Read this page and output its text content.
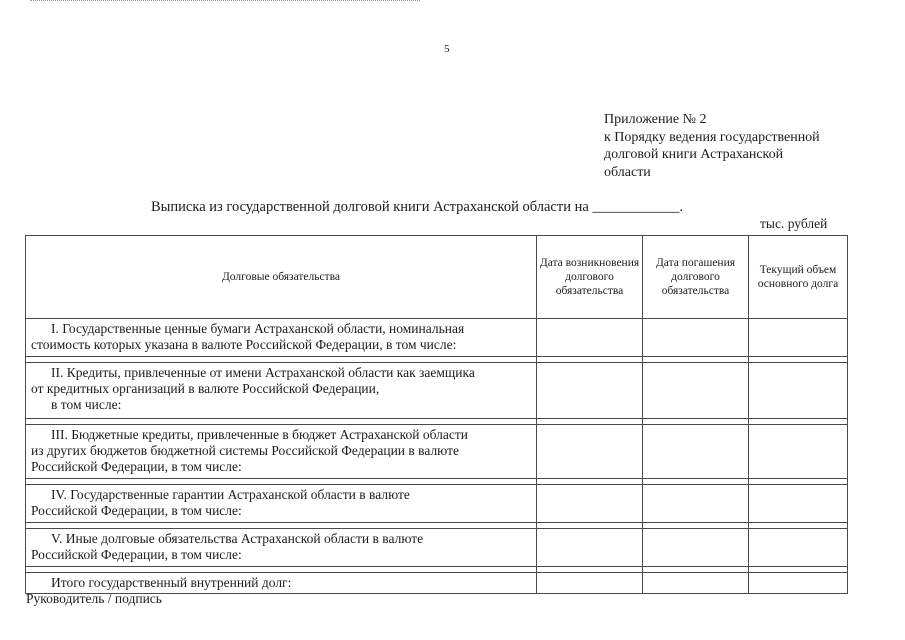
5
Приложение № 2
к Порядку ведения государственной
долговой книги Астраханской
области
Выписка из государственной долговой книги Астраханской области на ____________.
тыс. рублей
Долговые обязательства	Дата возникновения долгового обязательства	Дата погашения долгового обязательства	Текущий объем основного долга
I. Государственные ценные бумаги Астраханской области, номинальная
стоимость которых указана в валюте Российской Федерации, в том числе:			

II. Кредиты, привлеченные от имени Астраханской области как заемщика
от кредитных организаций в валюте Российской Федерации,
в том числе:			

III. Бюджетные кредиты, привлеченные в бюджет Астраханской области
из других бюджетов бюджетной системы Российской Федерации в валюте
Российской Федерации, в том числе:			

IV. Государственные гарантии Астраханской области в валюте
Российской Федерации, в том числе:			

V. Иные долговые обязательства Астраханской области в валюте
Российской Федерации, в том числе:			

Итого государственный внутренний долг:			
Руководитель / подпись
